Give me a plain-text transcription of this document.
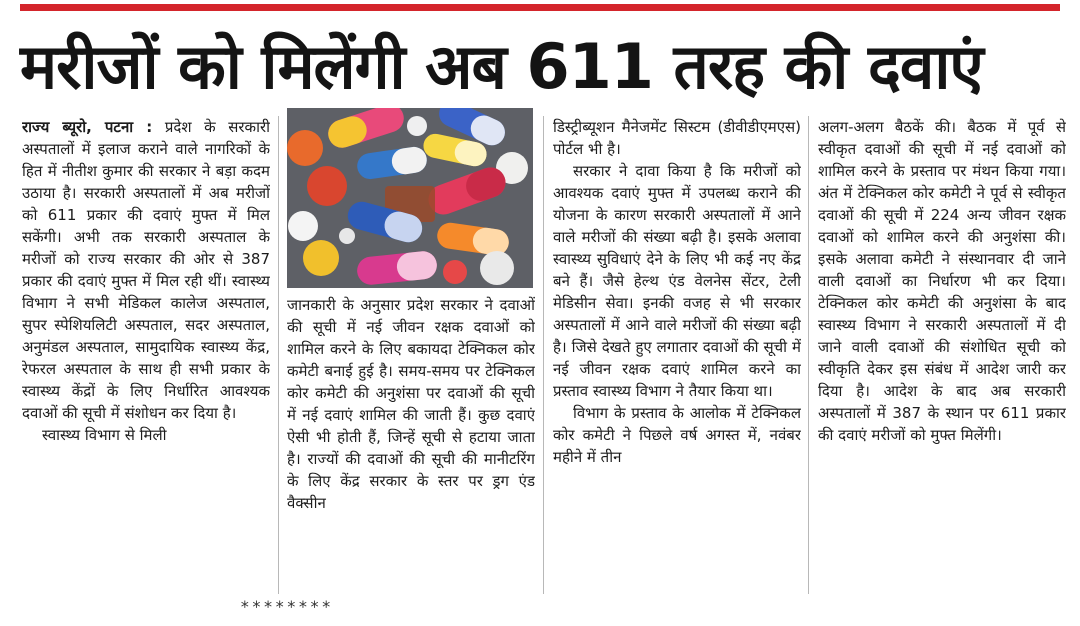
मरीजों को मिलेंगी अब 611 तरह की दवाएं

राज्य ब्यूरो, पटना : प्रदेश के सरकारी अस्पतालों में इलाज कराने वाले नागरिकों के हित में नीतीश कुमार की सरकार ने बड़ा कदम उठाया है। सरकारी अस्पतालों में अब मरीजों को 611 प्रकार की दवाएं मुफ्त में मिल सकेंगी। अभी तक सरकारी अस्पताल के मरीजों को राज्य सरकार की ओर से 387 प्रकार की दवाएं मुफ्त में मिल रही थीं। स्वास्थ्य विभाग ने सभी मेडिकल कालेज अस्पताल, सुपर स्पेशियलिटी अस्पताल, सदर अस्पताल, अनुमंडल अस्पताल, सामुदायिक स्वास्थ्य केंद्र, रेफरल अस्पताल के साथ ही सभी प्रकार के स्वास्थ्य केंद्रों के लिए निर्धारित आवश्यक दवाओं की सूची में संशोधन कर दिया है।

स्वास्थ्य विभाग से मिली

जानकारी के अनुसार प्रदेश सरकार ने दवाओं की सूची में नई जीवन रक्षक दवाओं को शामिल करने के लिए बकायदा टेक्निकल कोर कमेटी बनाई हुई है। समय-समय पर टेक्निकल कोर कमेटी की अनुशंसा पर दवाओं की सूची में नई दवाएं शामिल की जाती हैं। कुछ दवाएं ऐसी भी होती हैं, जिन्हें सूची से हटाया जाता है। राज्यों की दवाओं की सूची की मानीटरिंग के लिए केंद्र सरकार के स्तर पर ड्रग एंड वैक्सीन

डिस्ट्रीब्यूशन मैनेजमेंट सिस्टम (डीवीडीएमएस) पोर्टल भी है।

सरकार ने दावा किया है कि मरीजों को आवश्यक दवाएं मुफ्त में उपलब्ध कराने की योजना के कारण सरकारी अस्पतालों में आने वाले मरीजों की संख्या बढ़ी है। इसके अलावा स्वास्थ्य सुविधाएं देने के लिए भी कई नए केंद्र बने हैं। जैसे हेल्थ एंड वेलनेस सेंटर, टेली मेडिसीन सेवा। इनकी वजह से भी सरकार अस्पतालों में आने वाले मरीजों की संख्या बढ़ी है। जिसे देखते हुए लगातार दवाओं की सूची में नई जीवन रक्षक दवाएं शामिल करने का प्रस्ताव स्वास्थ्य विभाग ने तैयार किया था।

विभाग के प्रस्ताव के आलोक में टेक्निकल कोर कमेटी ने पिछले वर्ष अगस्त में, नवंबर महीने में तीन

अलग-अलग बैठकें की। बैठक में पूर्व से स्वीकृत दवाओं की सूची में नई दवाओं को शामिल करने के प्रस्ताव पर मंथन किया गया। अंत में टेक्निकल कोर कमेटी ने पूर्व से स्वीकृत दवाओं की सूची में 224 अन्य जीवन रक्षक दवाओं को शामिल करने की अनुशंसा की। इसके अलावा कमेटी ने संस्थानवार दी जाने वाली दवाओं का निर्धारण भी कर दिया। टेक्निकल कोर कमेटी की अनुशंसा के बाद स्वास्थ्य विभाग ने सरकारी अस्पतालों में दी जाने वाली दवाओं की संशोधित सूची को स्वीकृति देकर इस संबंध में आदेश जारी कर दिया है। आदेश के बाद अब सरकारी अस्पतालों में 387 के स्थान पर 611 प्रकार की दवाएं मरीजों को मुफ्त मिलेंगी।

********
